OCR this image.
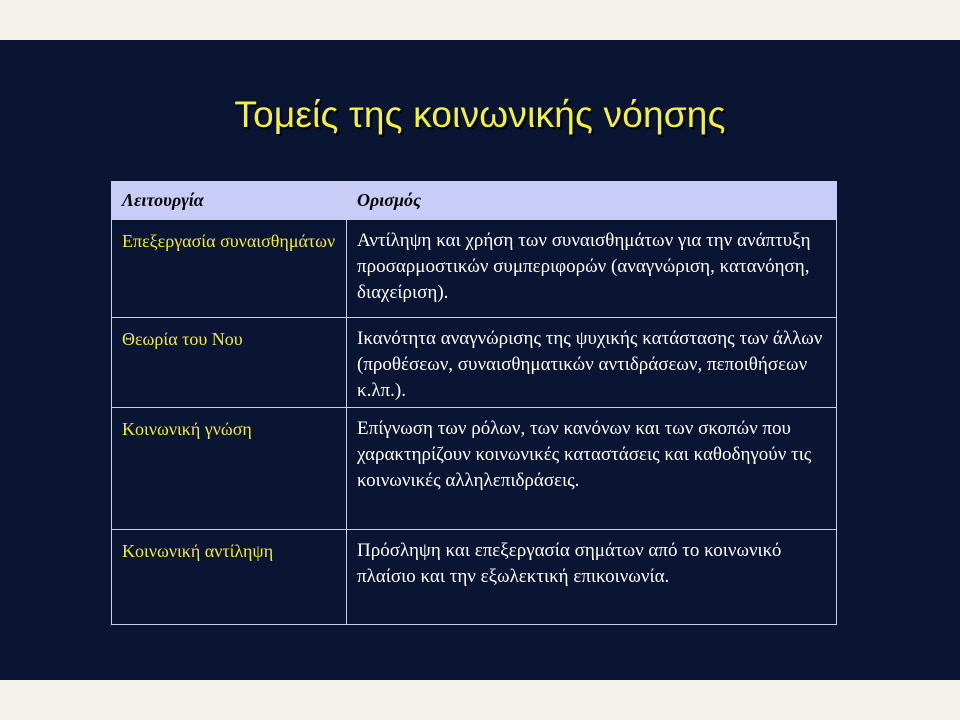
Τομείς της κοινωνικής νόησης
Λειτουργία	Ορισμός
Επεξεργασία συναισθημάτων	Αντίληψη και χρήση των συναισθημάτων για την ανάπτυξη προσαρμοστικών συμπεριφορών (αναγνώριση, κατανόηση, διαχείριση).
Θεωρία του Νου	Ικανότητα αναγνώρισης της ψυχικής κατάστασης των άλλων (προθέσεων, συναισθηματικών αντιδράσεων, πεποιθήσεων κ.λπ.).
Κοινωνική γνώση	Επίγνωση των ρόλων, των κανόνων και των σκοπών που χαρακτηρίζουν κοινωνικές καταστάσεις και καθοδηγούν τις κοινωνικές αλληλεπιδράσεις.
Κοινωνική αντίληψη	Πρόσληψη και επεξεργασία σημάτων από το κοινωνικό πλαίσιο και την εξωλεκτική επικοινωνία.
